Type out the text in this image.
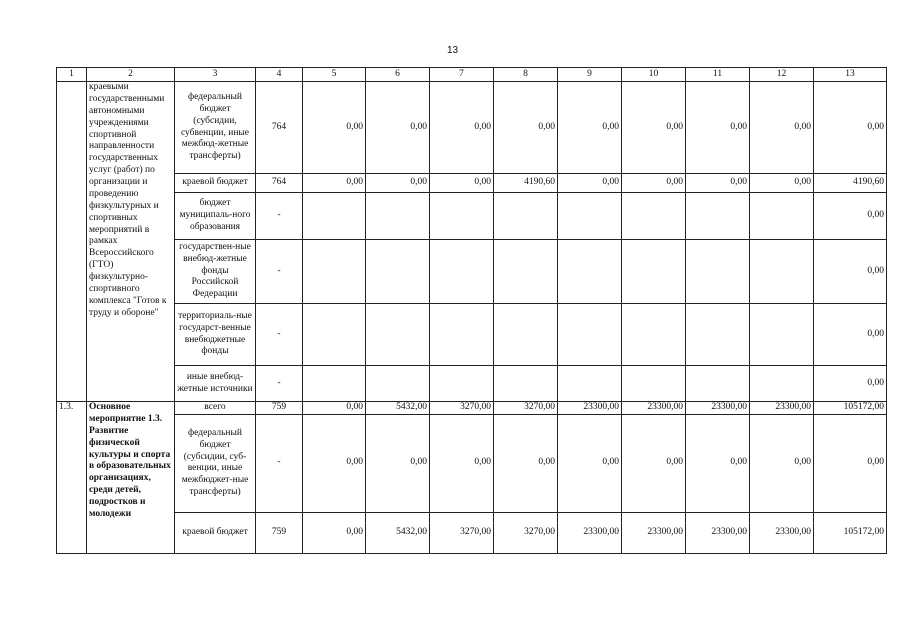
13
1	2	3	4	5	6	7	8	9	10	11	12	13
	краевыми государственными автономными учреждениями спортивной направленности государственных услуг (работ) по организации и проведению физкультурных и спортивных мероприятий в рамках Всероссийского (ГТО) физкультурно-спортивного комплекса "Готов к труду и обороне"	федеральный бюджет (субсидии, субвенции, иные межбюд-жетные трансферты)	764	0,00	0,00	0,00	0,00	0,00	0,00	0,00	0,00	0,00
		краевой бюджет	764	0,00	0,00	0,00	4190,60	0,00	0,00	0,00	0,00	4190,60
		бюджет муниципаль-ного образования	-									0,00
		государствен-ные внебюд-жетные фонды Российской Федерации	-									0,00
		территориаль-ные государст-венные внебюджетные фонды	-									0,00
		иные внебюд-жетные источники	-									0,00
1.3.	Основное мероприятие 1.3. Развитие физической культуры и спорта в образовательных организациях, среди детей, подростков и молодежи	всего	759	0,00	5432,00	3270,00	3270,00	23300,00	23300,00	23300,00	23300,00	105172,00
		федеральный бюджет (субсидии, суб-венции, иные межбюджет-ные трансферты)	-	0,00	0,00	0,00	0,00	0,00	0,00	0,00	0,00	0,00
		краевой бюджет	759	0,00	5432,00	3270,00	3270,00	23300,00	23300,00	23300,00	23300,00	105172,00
